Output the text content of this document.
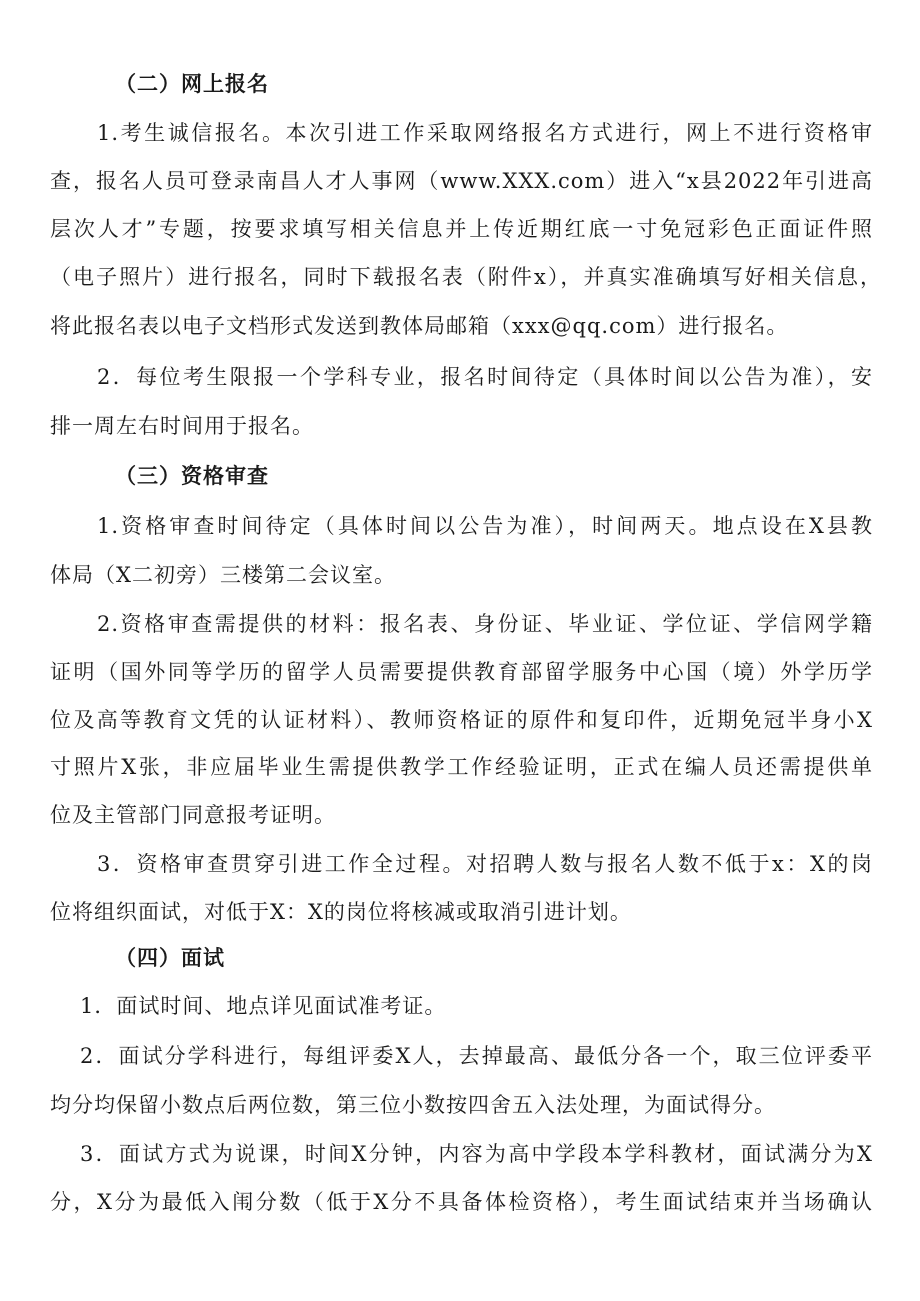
（二）网上报名
1.考生诚信报名。本次引进工作采取网络报名方式进行，网上不进行资格审
查，报名人员可登录南昌人才人事网（www.XXX.com）进入“x县2022年引进高
层次人才”专题，按要求填写相关信息并上传近期红底一寸免冠彩色正面证件照
（电子照片）进行报名，同时下载报名表（附件x），并真实准确填写好相关信息，
将此报名表以电子文档形式发送到教体局邮箱（xxx@qq.com）进行报名。
2．每位考生限报一个学科专业，报名时间待定（具体时间以公告为准），安
排一周左右时间用于报名。
（三）资格审查
1.资格审查时间待定（具体时间以公告为准），时间两天。地点设在X县教
体局（X二初旁）三楼第二会议室。
2.资格审查需提供的材料：报名表、身份证、毕业证、学位证、学信网学籍
证明（国外同等学历的留学人员需要提供教育部留学服务中心国（境）外学历学
位及高等教育文凭的认证材料）、教师资格证的原件和复印件，近期免冠半身小X
寸照片X张，非应届毕业生需提供教学工作经验证明，正式在编人员还需提供单
位及主管部门同意报考证明。
3．资格审查贯穿引进工作全过程。对招聘人数与报名人数不低于x：X的岗
位将组织面试，对低于X：X的岗位将核减或取消引进计划。
（四）面试
1．面试时间、地点详见面试准考证。
2．面试分学科进行，每组评委X人，去掉最高、最低分各一个，取三位评委平
均分均保留小数点后两位数，第三位小数按四舍五入法处理，为面试得分。
3．面试方式为说课，时间X分钟，内容为高中学段本学科教材，面试满分为X
分，X分为最低入闱分数（低于X分不具备体检资格），考生面试结束并当场确认
